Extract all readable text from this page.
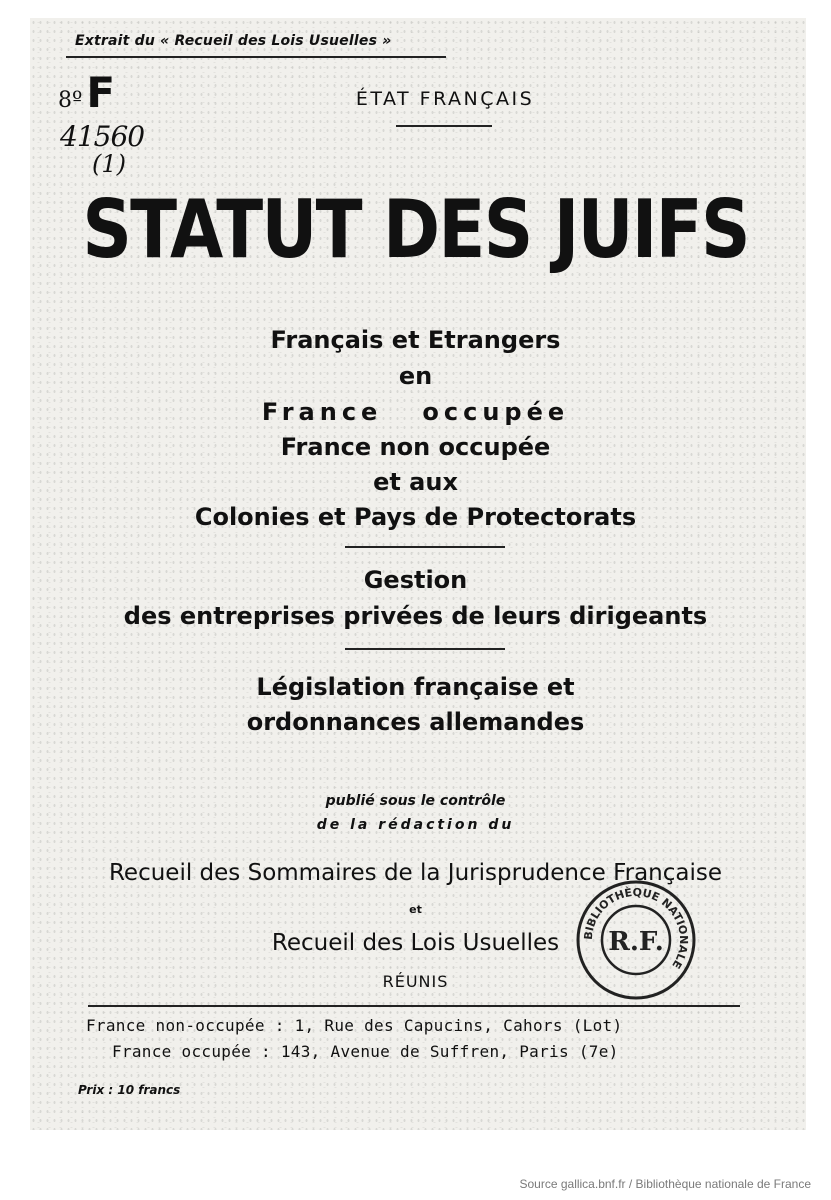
Extrait du « Recueil des Lois Usuelles »
8ºF
41560
(1)
ÉTAT FRANÇAIS
STATUT DES JUIFS
Français et Etrangers
en
France   occupée
France non occupée
et aux
Colonies et Pays de Protectorats
Gestion
des entreprises privées de leurs dirigeants
Législation française et
ordonnances allemandes
publié sous le contrôle
de la rédaction du
Recueil des Sommaires de la Jurisprudence Française
et
Recueil des Lois Usuelles
RÉUNIS
BIBLIOTHÈQUE NATIONALE
R.F.
France non-occupée : 1, Rue des Capucins, Cahors (Lot)
France occupée : 143, Avenue de Suffren, Paris (7e)
Prix : 10 francs
Source gallica.bnf.fr / Bibliothèque nationale de France
